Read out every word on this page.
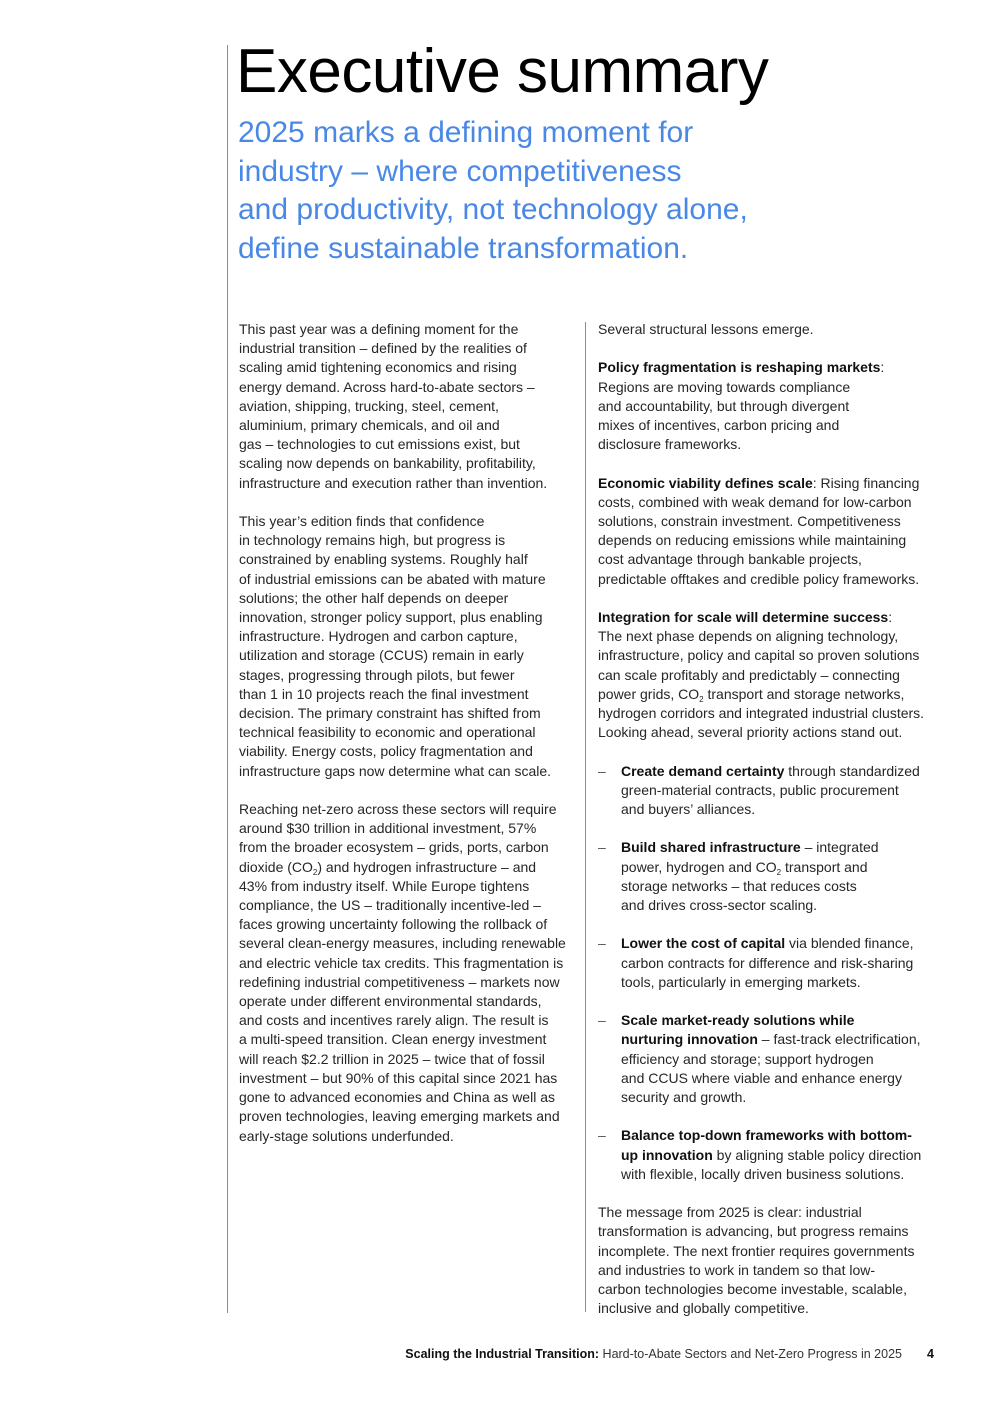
Executive summary
2025 marks a defining moment for
industry – where competitiveness
and productivity, not technology alone,
define sustainable transformation.

This past year was a defining moment for the
industrial transition – defined by the realities of
scaling amid tightening economics and rising
energy demand. Across hard-to-abate sectors –
aviation, shipping, trucking, steel, cement,
aluminium, primary chemicals, and oil and
gas – technologies to cut emissions exist, but
scaling now depends on bankability, profitability,
infrastructure and execution rather than invention.

This year’s edition finds that confidence
in technology remains high, but progress is
constrained by enabling systems. Roughly half
of industrial emissions can be abated with mature
solutions; the other half depends on deeper
innovation, stronger policy support, plus enabling
infrastructure. Hydrogen and carbon capture,
utilization and storage (CCUS) remain in early
stages, progressing through pilots, but fewer
than 1 in 10 projects reach the final investment
decision. The primary constraint has shifted from
technical feasibility to economic and operational
viability. Energy costs, policy fragmentation and
infrastructure gaps now determine what can scale.

Reaching net-zero across these sectors will require
around $30 trillion in additional investment, 57%
from the broader ecosystem – grids, ports, carbon
dioxide $(CO_2)$ and hydrogen infrastructure – and
43% from industry itself. While Europe tightens
compliance, the US – traditionally incentive-led –
faces growing uncertainty following the rollback of
several clean-energy measures, including renewable
and electric vehicle tax credits. This fragmentation is
redefining industrial competitiveness – markets now
operate under different environmental standards,
and costs and incentives rarely align. The result is
a multi-speed transition. Clean energy investment
will reach $2.2 trillion in 2025 – twice that of fossil
investment – but 90% of this capital since 2021 has
gone to advanced economies and China as well as
proven technologies, leaving emerging markets and
early-stage solutions underfunded.

Several structural lessons emerge.

Policy fragmentation is reshaping markets:
Regions are moving towards compliance
and accountability, but through divergent
mixes of incentives, carbon pricing and
disclosure frameworks.

Economic viability defines scale: Rising financing
costs, combined with weak demand for low-carbon
solutions, constrain investment. Competitiveness
depends on reducing emissions while maintaining
cost advantage through bankable projects,
predictable offtakes and credible policy frameworks.

Integration for scale will determine success:
The next phase depends on aligning technology,
infrastructure, policy and capital so proven solutions
can scale profitably and predictably – connecting
power grids, $CO_2$ transport and storage networks,
hydrogen corridors and integrated industrial clusters.
Looking ahead, several priority actions stand out.

– Create demand certainty through standardized
green-material contracts, public procurement
and buyers’ alliances.
– Build shared infrastructure – integrated
power, hydrogen and $CO_2$ transport and
storage networks – that reduces costs
and drives cross-sector scaling.
– Lower the cost of capital via blended finance,
carbon contracts for difference and risk-sharing
tools, particularly in emerging markets.
– Scale market-ready solutions while
nurturing innovation – fast-track electrification,
efficiency and storage; support hydrogen
and CCUS where viable and enhance energy
security and growth.
– Balance top-down frameworks with bottom-
up innovation by aligning stable policy direction
with flexible, locally driven business solutions.

The message from 2025 is clear: industrial
transformation is advancing, but progress remains
incomplete. The next frontier requires governments
and industries to work in tandem so that low-
carbon technologies become investable, scalable,
inclusive and globally competitive.

Scaling the Industrial Transition: Hard-to-Abate Sectors and Net-Zero Progress in 2025 4
